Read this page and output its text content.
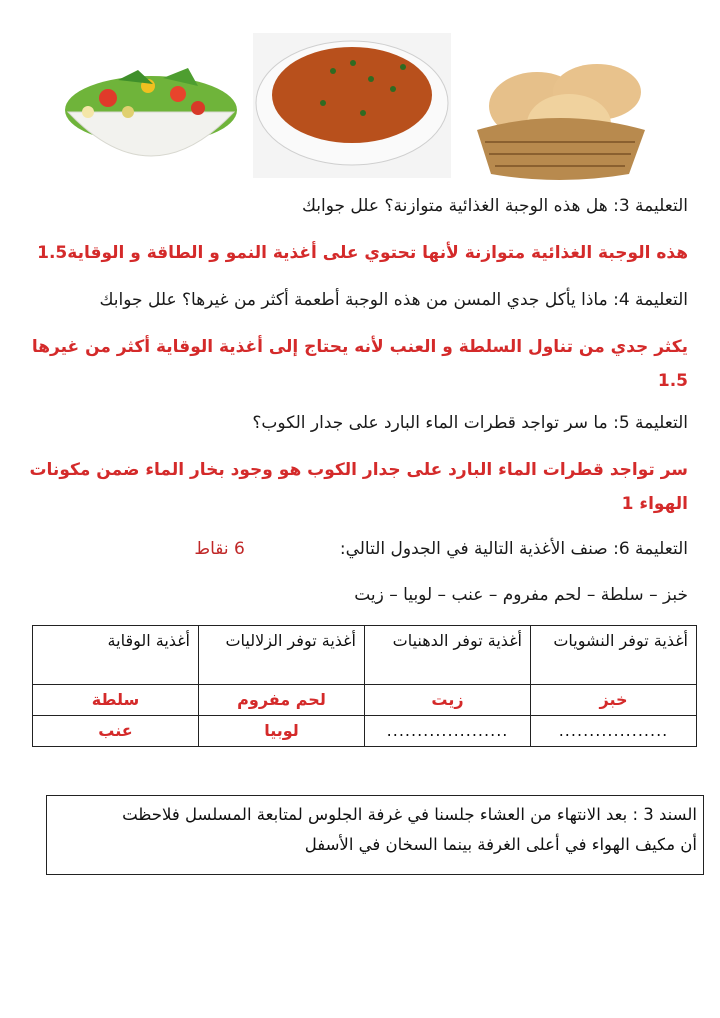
التعليمة 3: هل هذه الوجبة الغذائية متوازنة؟ علل جوابك
هذه الوجبة الغذائية متوازنة لأنها تحتوي على أغذية النمو و الطاقة و الوقاية
1.5
التعليمة 4: ماذا يأكل جدي المسن من هذه الوجبة أطعمة أكثر من غيرها؟ علل جوابك
يكثر جدي من تناول السلطة و العنب لأنه يحتاج إلى أغذية الوقاية أكثر من غيرها
1.5
التعليمة 5: ما سر تواجد قطرات الماء البارد على جدار الكوب؟
سر تواجد قطرات الماء البارد على جدار الكوب هو وجود بخار الماء ضمن مكونات
الهواء 1
التعليمة 6: صنف الأغذية التالية في الجدول التالي:
6 نقاط
خبز – سلطة – لحم مفروم – عنب – لوبيا – زيت
أغذية توفر النشويات	أغذية توفر الدهنيات	أغذية توفر الزلاليات	أغذية الوقاية
خبز	زيت	لحم مفروم	سلطة
..................	....................	لوبيا	عنب
السند 3 : بعد الانتهاء من العشاء جلسنا في غرفة الجلوس لمتابعة المسلسل فلاحظت
أن مكيف الهواء في أعلى الغرفة بينما السخان في الأسفل
